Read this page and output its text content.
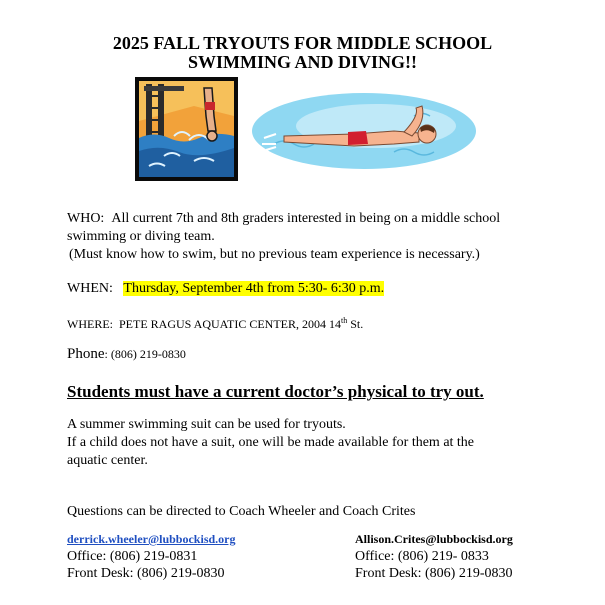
2025 FALL TRYOUTS FOR MIDDLE SCHOOL
SWIMMING AND DIVING!!
WHO: All current 7th and 8th graders interested in being on a middle school
swimming or diving team.
(Must know how to swim, but no previous team experience is necessary.)
WHEN: Thursday, September 4th from 5:30- 6:30 p.m.
WHERE: PETE RAGUS AQUATIC CENTER, 2004 14th St.
Phone: (806) 219-0830
Students must have a current doctor’s physical to try out.
A summer swimming suit can be used for tryouts.
If a child does not have a suit, one will be made available for them at the
aquatic center.
Questions can be directed to Coach Wheeler and Coach Crites
derrick.wheeler@lubbockisd.org
Office: (806) 219-0831
Front Desk: (806) 219-0830
Allison.Crites@lubbockisd.org
Office: (806) 219- 0833
Front Desk: (806) 219-0830
